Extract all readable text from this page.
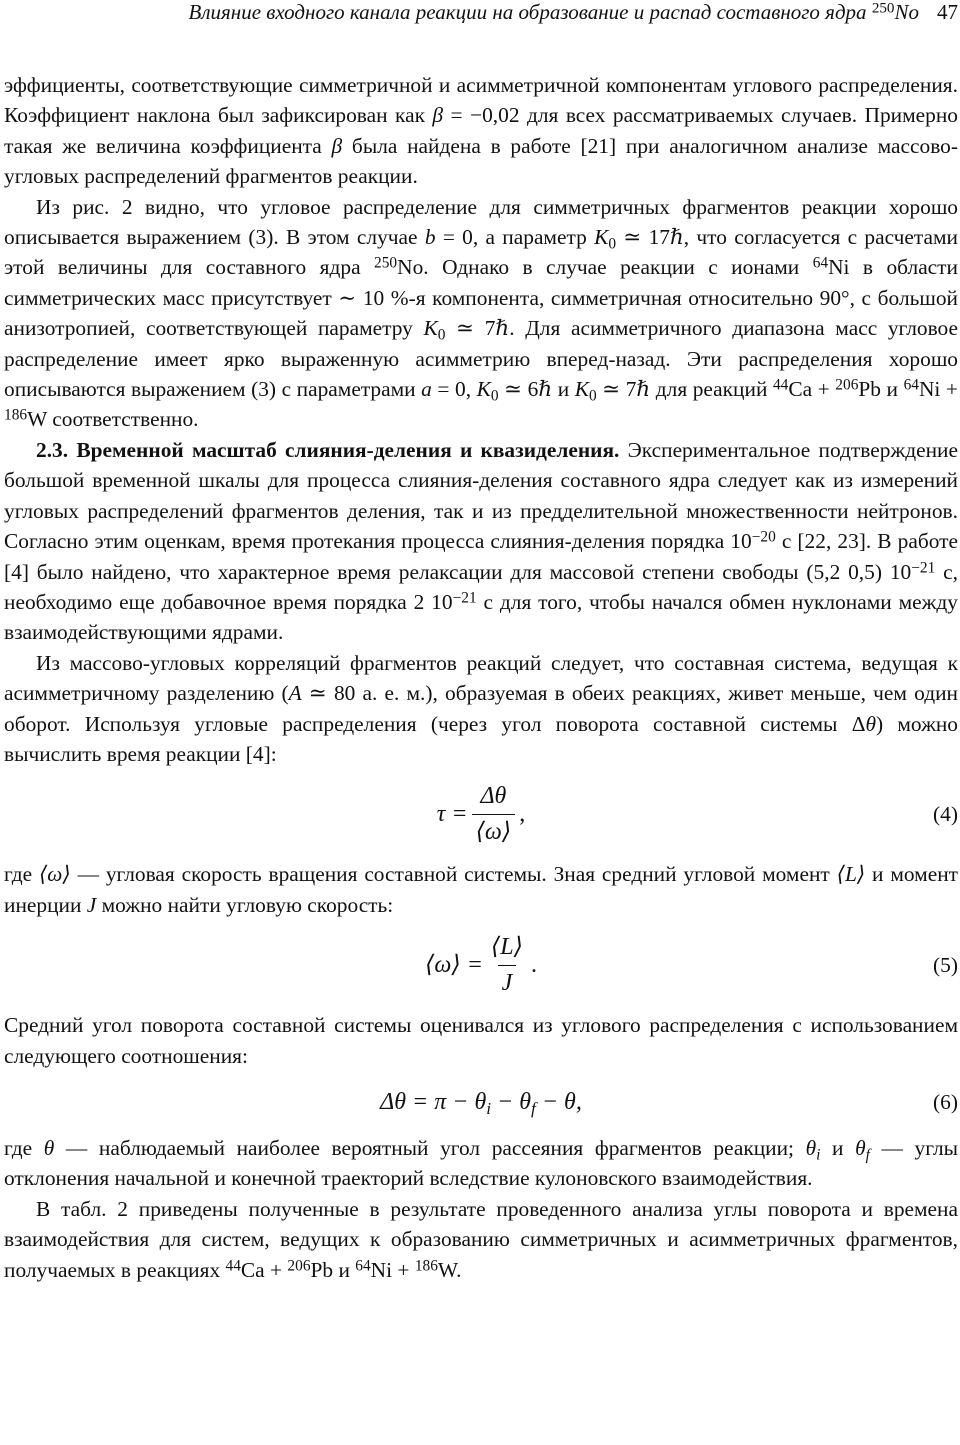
Влияние входного канала реакции на образование и распад составного ядра $^{250}$No 47

эффициенты, соответствующие симметричной и асимметричной компонентам углового распределения. Коэффициент наклона был зафиксирован как β = −0,02 для всех рассматриваемых случаев. Примерно такая же величина коэффициента β была найдена в работе [21] при аналогичном анализе массово-угловых распределений фрагментов реакции.

Из рис. 2 видно, что угловое распределение для симметричных фрагментов реакции хорошо описывается выражением (3). В этом случае b = 0, а параметр $K_0$ ≃ 17ℏ, что согласуется с расчетами этой величины для составного ядра $^{250}$No. Однако в случае реакции с ионами $^{64}$Ni в области симметрических масс присутствует ∼ 10 %-я компонента, симметричная относительно 90°, с большой анизотропией, соответствующей параметру $K_0$ ≃ 7ℏ. Для асимметричного диапазона масс угловое распределение имеет ярко выраженную асимметрию вперед-назад. Эти распределения хорошо описываются выражением (3) с параметрами a = 0, $K_0$ ≃ 6ℏ и $K_0$ ≃ 7ℏ для реакций $^{44}$Ca + $^{206}$Pb и $^{64}$Ni + $^{186}$W соответственно.

2.3. Временной масштаб слияния-деления и квазиделения. Экспериментальное подтверждение большой временной шкалы для процесса слияния-деления составного ядра следует как из измерений угловых распределений фрагментов деления, так и из предделительной множественности нейтронов. Согласно этим оценкам, время протекания процесса слияния-деления порядка $10^{-20}$ с [22, 23]. В работе [4] было найдено, что характерное время релаксации для массовой степени свободы (5,2 0,5) $10^{-21}$ с, необходимо еще добавочное время порядка 2 $10^{-21}$ с для того, чтобы начался обмен нуклонами между взаимодействующими ядрами.

Из массово-угловых корреляций фрагментов реакций следует, что составная система, ведущая к асимметричному разделению (A ≃ 80 а. е. м.), образуемая в обеих реакциях, живет меньше, чем один оборот. Используя угловые распределения (через угол поворота составной системы Δθ) можно вычислить время реакции [4]:

$\tau = \frac{\Delta\theta}{⟨\omega⟩}$ ,	(4)

где ⟨ω⟩ — угловая скорость вращения составной системы. Зная средний угловой момент ⟨L⟩ и момент инерции J можно найти угловую скорость:

⟨ω⟩ = $\frac{⟨L⟩}{J}$ .	(5)

Средний угол поворота составной системы оценивался из углового распределения с использованием следующего соотношения:

$\Delta\theta = \pi - \theta_i - \theta_f - \theta$,	(6)

где θ — наблюдаемый наиболее вероятный угол рассеяния фрагментов реакции; $\theta_i$ и $\theta_f$ — углы отклонения начальной и конечной траекторий вследствие кулоновского взаимодействия.

В табл. 2 приведены полученные в результате проведенного анализа углы поворота и времена взаимодействия для систем, ведущих к образованию симметричных и асимметричных фрагментов, получаемых в реакциях $^{44}$Ca + $^{206}$Pb и $^{64}$Ni + $^{186}$W.
